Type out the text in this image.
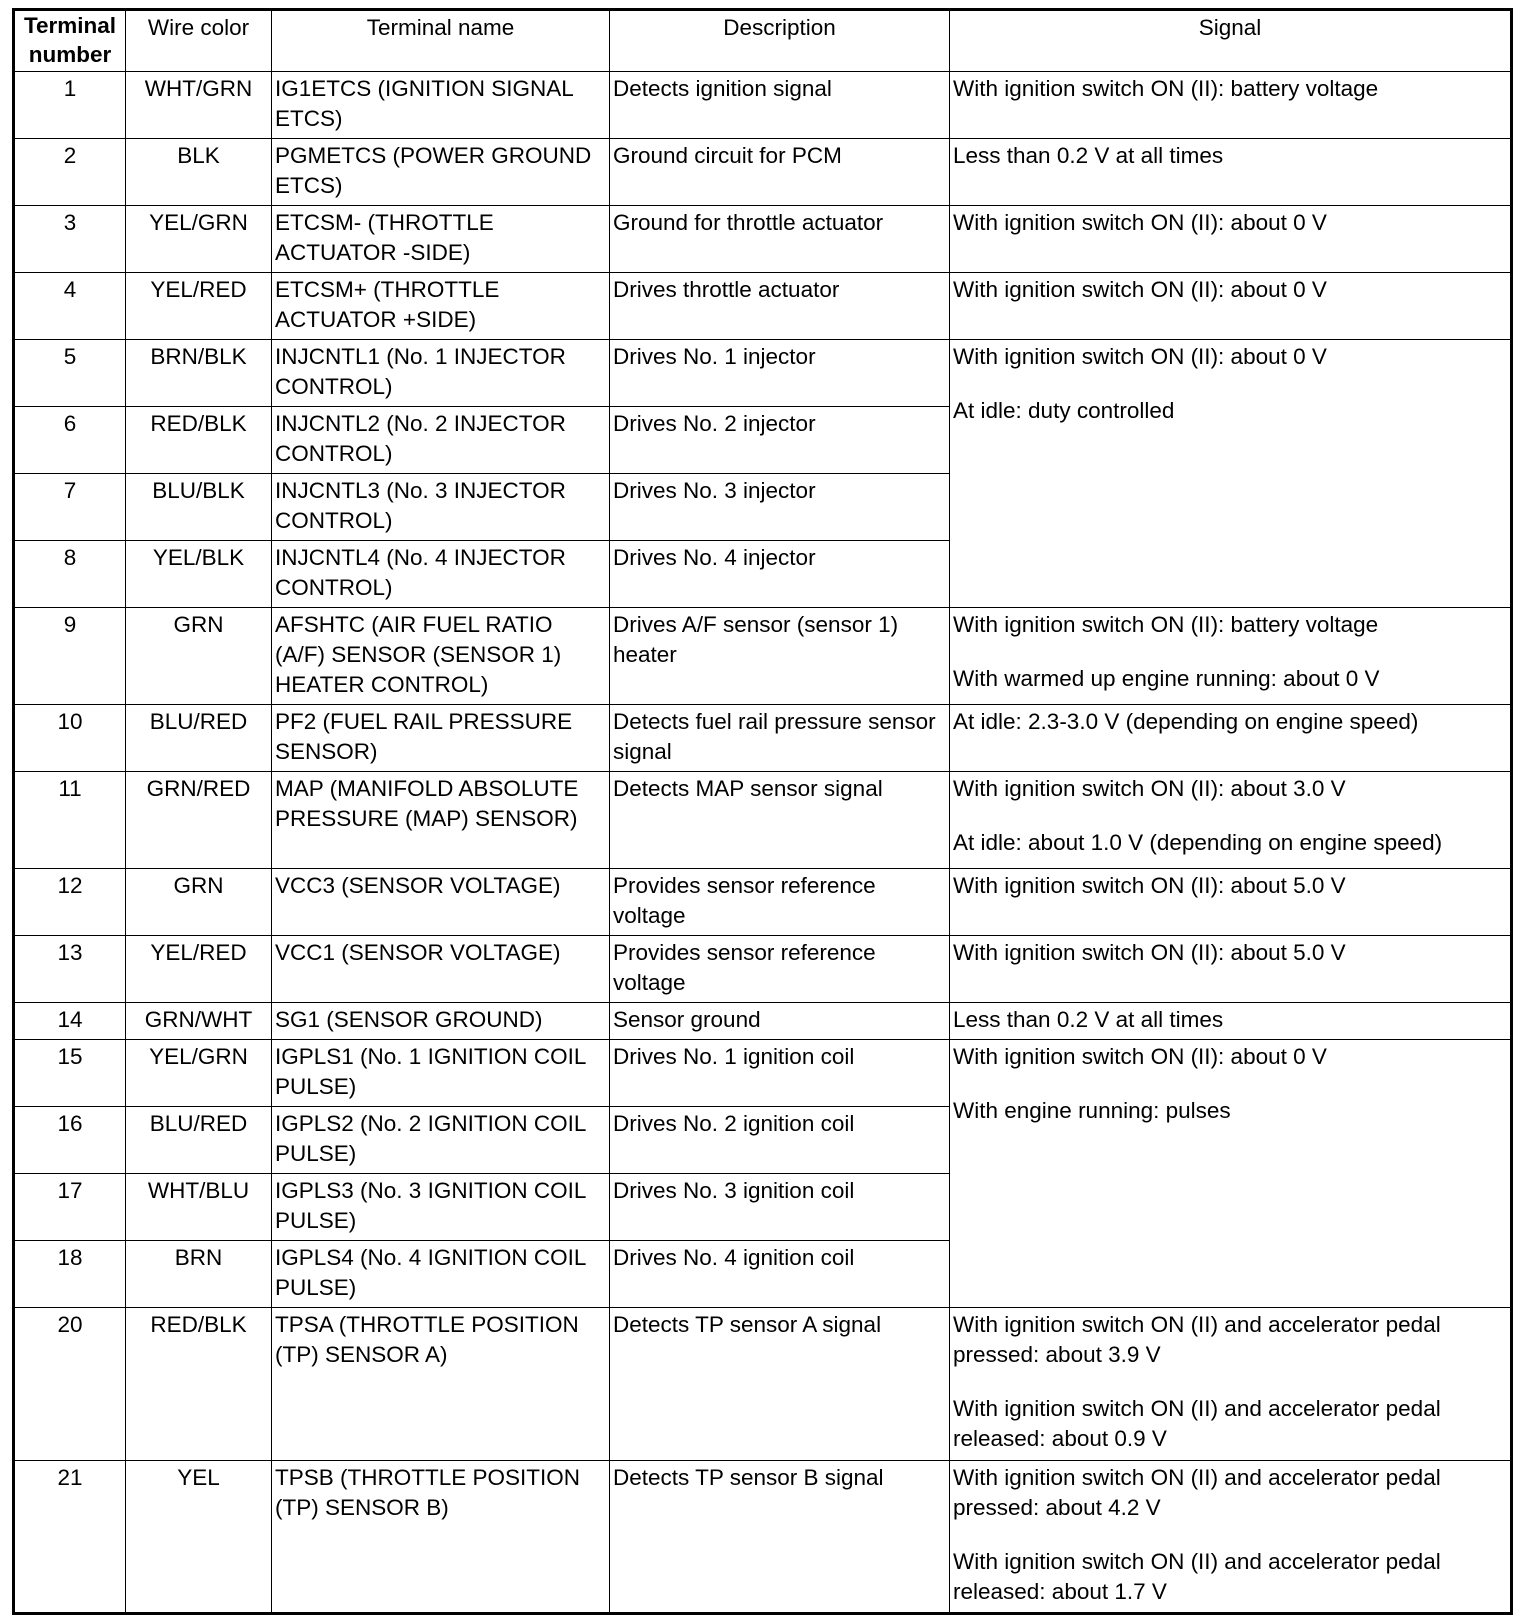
Terminal number	Wire color	Terminal name	Description	Signal
1	WHT/GRN	IG1ETCS (IGNITION SIGNAL ETCS)	Detects ignition signal	With ignition switch ON (II): battery voltage

2	BLK	PGMETCS (POWER GROUND ETCS)	Ground circuit for PCM	Less than 0.2 V at all times

3	YEL/GRN	ETCSM- (THROTTLE ACTUATOR -SIDE)	Ground for throttle actuator	With ignition switch ON (II): about 0 V

4	YEL/RED	ETCSM+ (THROTTLE ACTUATOR +SIDE)	Drives throttle actuator	With ignition switch ON (II): about 0 V

5	BRN/BLK	INJCNTL1 (No. 1 INJECTOR CONTROL)	Drives No. 1 injector	With ignition switch ON (II): about 0 V
At idle: duty controlled

6	RED/BLK	INJCNTL2 (No. 2 INJECTOR CONTROL)	Drives No. 2 injector	
7	BLU/BLK	INJCNTL3 (No. 3 INJECTOR CONTROL)	Drives No. 3 injector	
8	YEL/BLK	INJCNTL4 (No. 4 INJECTOR CONTROL)	Drives No. 4 injector	
9	GRN	AFSHTC (AIR FUEL RATIO (A/F) SENSOR (SENSOR 1) HEATER CONTROL)	Drives A/F sensor (sensor 1) heater	With ignition switch ON (II): battery voltage
With warmed up engine running: about 0 V

10	BLU/RED	PF2 (FUEL RAIL PRESSURE SENSOR)	Detects fuel rail pressure sensor signal	At idle: 2.3-3.0 V (depending on engine speed)

11	GRN/RED	MAP (MANIFOLD ABSOLUTE PRESSURE (MAP) SENSOR)	Detects MAP sensor signal	With ignition switch ON (II): about 3.0 V
At idle: about 1.0 V (depending on engine speed)

12	GRN	VCC3 (SENSOR VOLTAGE)	Provides sensor reference voltage	With ignition switch ON (II): about 5.0 V

13	YEL/RED	VCC1 (SENSOR VOLTAGE)	Provides sensor reference voltage	With ignition switch ON (II): about 5.0 V

14	GRN/WHT	SG1 (SENSOR GROUND)	Sensor ground	Less than 0.2 V at all times

15	YEL/GRN	IGPLS1 (No. 1 IGNITION COIL PULSE)	Drives No. 1 ignition coil	With ignition switch ON (II): about 0 V
With engine running: pulses

16	BLU/RED	IGPLS2 (No. 2 IGNITION COIL PULSE)	Drives No. 2 ignition coil	
17	WHT/BLU	IGPLS3 (No. 3 IGNITION COIL PULSE)	Drives No. 3 ignition coil	
18	BRN	IGPLS4 (No. 4 IGNITION COIL PULSE)	Drives No. 4 ignition coil	
20	RED/BLK	TPSA (THROTTLE POSITION (TP) SENSOR A)	Detects TP sensor A signal	With ignition switch ON (II) and accelerator pedal pressed: about 3.9 V
With ignition switch ON (II) and accelerator pedal released: about 0.9 V

21	YEL	TPSB (THROTTLE POSITION (TP) SENSOR B)	Detects TP sensor B signal	With ignition switch ON (II) and accelerator pedal pressed: about 4.2 V
With ignition switch ON (II) and accelerator pedal released: about 1.7 V
